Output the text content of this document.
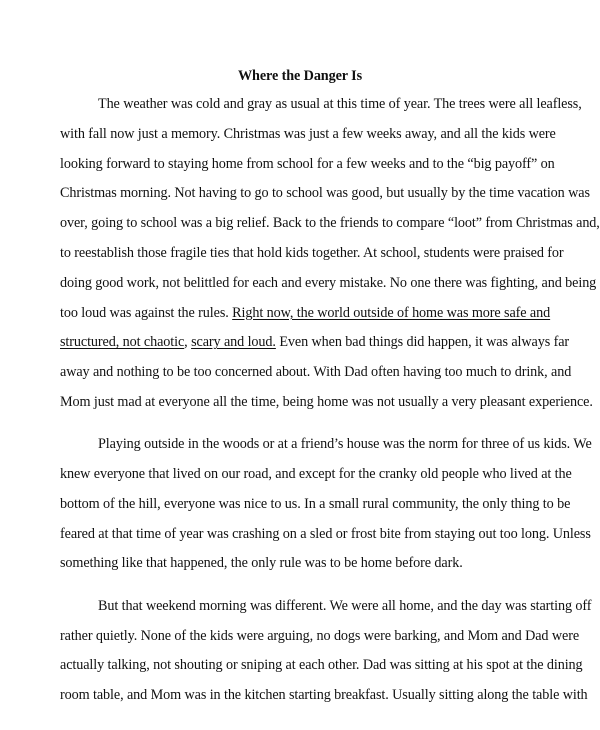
Where the Danger Is
The weather was cold and gray as usual at this time of year. The trees were all leafless,
with fall now just a memory. Christmas was just a few weeks away, and all the kids were
looking forward to staying home from school for a few weeks and to the “big payoff” on
Christmas morning. Not having to go to school was good, but usually by the time vacation was
over, going to school was a big relief. Back to the friends to compare “loot” from Christmas and,
to reestablish those fragile ties that hold kids together. At school, students were praised for
doing good work, not belittled for each and every mistake. No one there was fighting, and being
too loud was against the rules. Right now, the world outside of home was more safe and
structured, not chaotic, scary and loud. Even when bad things did happen, it was always far
away and nothing to be too concerned about. With Dad often having too much to drink, and
Mom just mad at everyone all the time, being home was not usually a very pleasant experience.
Playing outside in the woods or at a friend’s house was the norm for three of us kids. We
knew everyone that lived on our road, and except for the cranky old people who lived at the
bottom of the hill, everyone was nice to us. In a small rural community, the only thing to be
feared at that time of year was crashing on a sled or frost bite from staying out too long. Unless
something like that happened, the only rule was to be home before dark.
But that weekend morning was different. We were all home, and the day was starting off
rather quietly. None of the kids were arguing, no dogs were barking, and Mom and Dad were
actually talking, not shouting or sniping at each other. Dad was sitting at his spot at the dining
room table, and Mom was in the kitchen starting breakfast. Usually sitting along the table with
